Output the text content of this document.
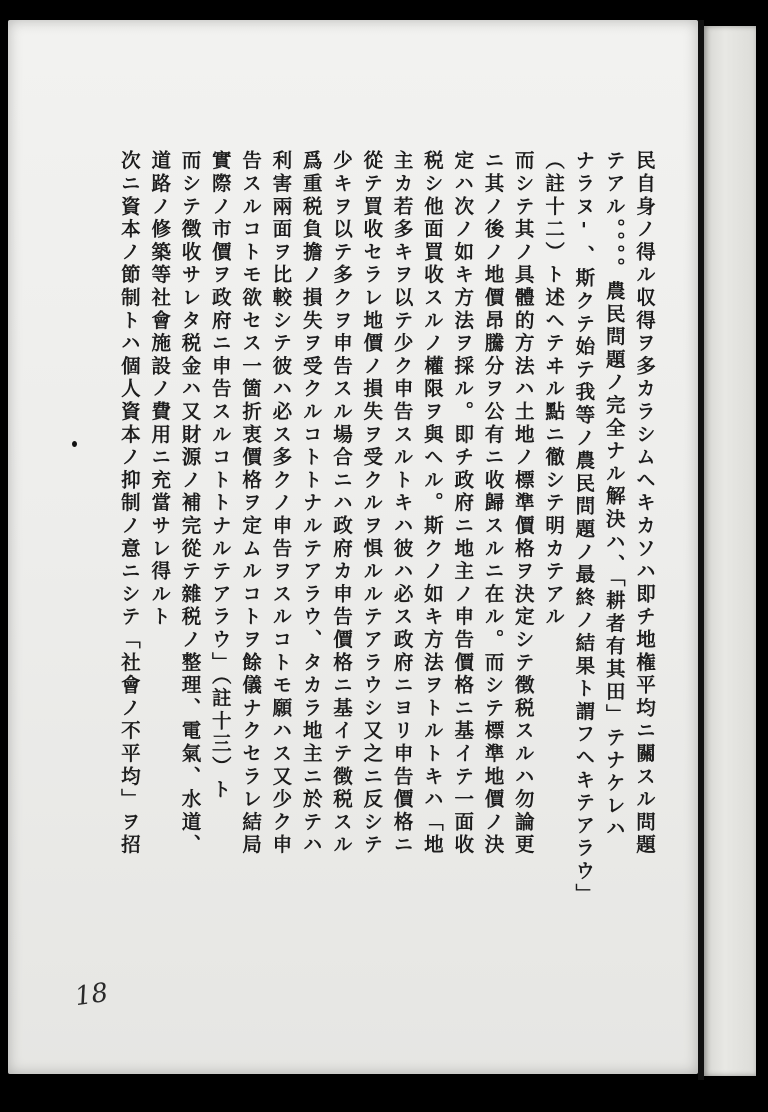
民自身ノ得ル収得ヲ多カラシムヘキカソハ即チ地権平均ニ關スル問題
テアル。。。。農民問題ノ完全ナル解決ハ、「耕者有其田」テナケレハ
ナラヌ'、斯クテ始テ我等ノ農民問題ノ最終ノ結果ト謂フヘキテアラウ」
（註十二）ト述ヘテヰル點ニ徹シテ明カテアル
而シテ其ノ具體的方法ハ土地ノ標準價格ヲ決定シテ徴税スルハ勿論更
ニ其ノ後ノ地價昂騰分ヲ公有ニ收歸スルニ在ル。而シテ標準地價ノ決
定ハ次ノ如キ方法ヲ採ル。即チ政府ニ地主ノ申告價格ニ基イテ一面收
税シ他面買收スルノ權限ヲ與ヘル。斯クノ如キ方法ヲトルトキハ「地
主カ若多キヲ以テ少ク申告スルトキハ彼ハ必ス政府ニヨリ申告價格ニ
從テ買收セラレ地價ノ損失ヲ受クルヲ惧ルルテアラウシ又之ニ反シテ
少キヲ以テ多クヲ申告スル場合ニハ政府カ申告價格ニ基イテ徴税スル
爲重税負擔ノ損失ヲ受クルコトトナルテアラウ、タカラ地主ニ於テハ
利害兩面ヲ比較シテ彼ハ必ス多クノ申告ヲスルコトモ願ハス又少ク申
告スルコトモ欲セス一箇折衷價格ヲ定ムルコトヲ餘儀ナクセラレ結局
實際ノ市價ヲ政府ニ申告スルコトトナルテアラウ」（註十三）ト
而シテ徴收サレタ税金ハ又財源ノ補完從テ雜税ノ整理、電氣、水道、
道路ノ修築等社會施設ノ費用ニ充當サレ得ルト
次ニ資本ノ節制トハ個人資本ノ抑制ノ意ニシテ「社會ノ不平均」ヲ招
18
